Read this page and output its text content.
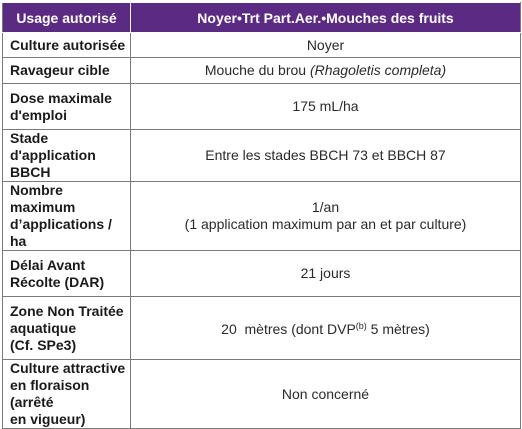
Usage autorisé	Noyer•Trt Part.Aer.•Mouches des fruits
Culture autorisée	Noyer
Ravageur cible	Mouche du brou (Rhagoletis completa)
Dose maximale
d'emploi	175 mL/ha
Stade d'application
BBCH	Entre les stades BBCH 73 et BBCH 87
Nombre maximum
d’applications / ha	1/an
(1 application maximum par an et par culture)
Délai Avant
Récolte (DAR)	21 jours
Zone Non Traitée
aquatique
(Cf. SPe3)	20  mètres (dont DVP$^{(b)}$ 5 mètres)
Culture attractive
en floraison (arrêté
en vigueur)	Non concerné
